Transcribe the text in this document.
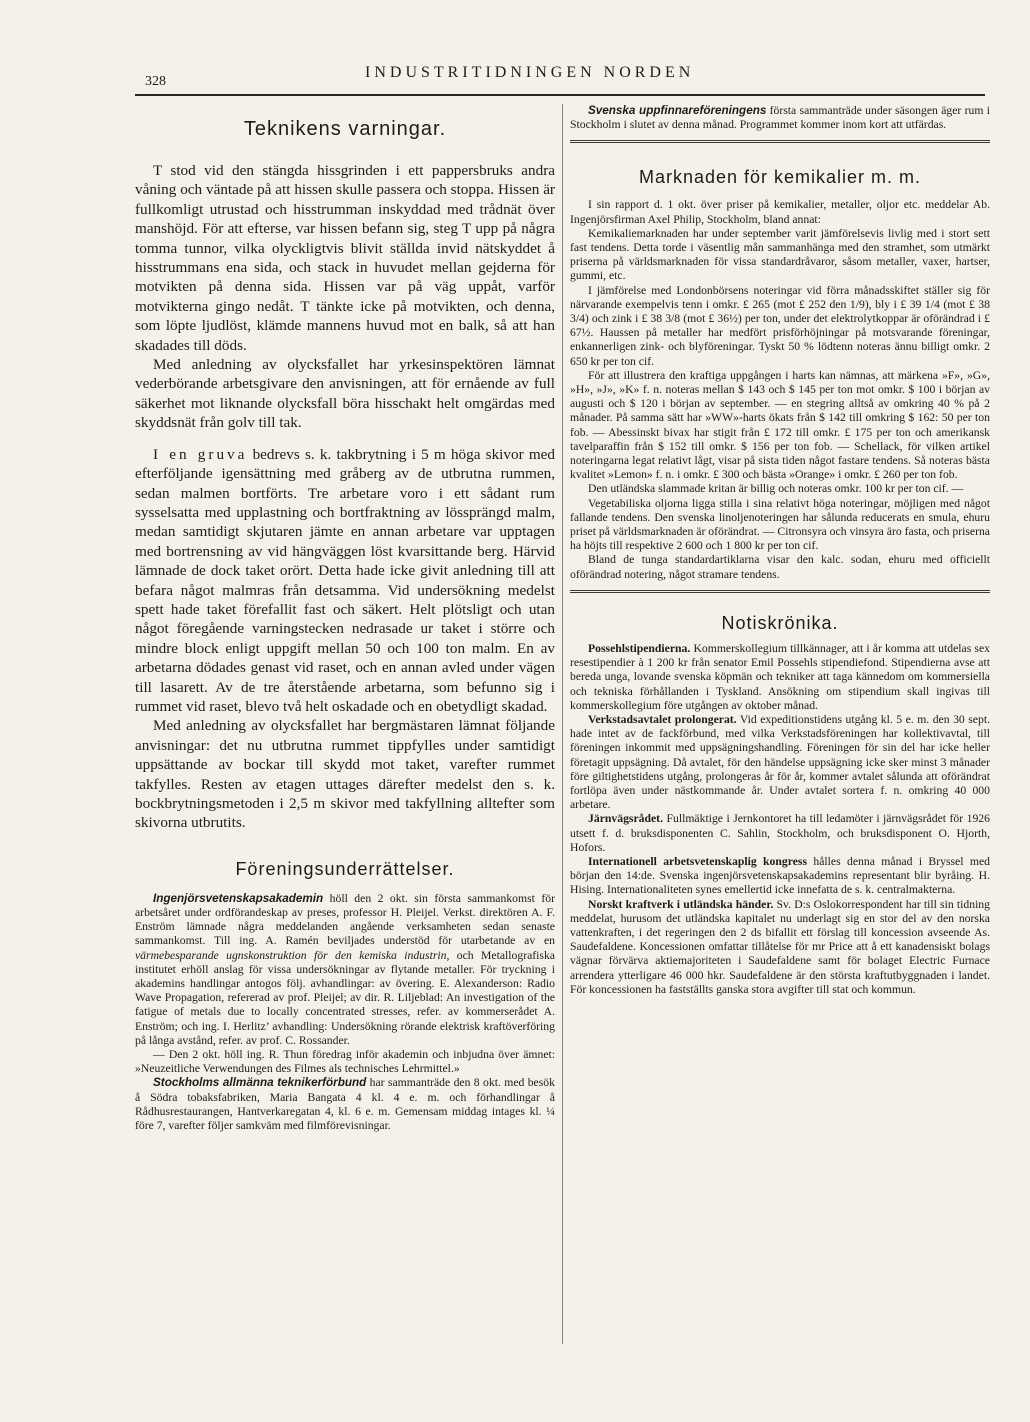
328
INDUSTRITIDNINGEN NORDEN
Teknikens varningar.

T stod vid den stängda hissgrinden i ett pappersbruks andra våning och väntade på att hissen skulle passera och stoppa. Hissen är fullkomligt utrustad och hisstrumman inskyddad med trådnät över manshöjd. För att efterse, var hissen befann sig, steg T upp på några tomma tunnor, vilka olyckligtvis blivit ställda invid nätskyddet å hisstrummans ena sida, och stack in huvudet mellan gejderna för motvikten på denna sida. Hissen var på väg uppåt, varför motvikterna gingo nedåt. T tänkte icke på motvikten, och denna, som löpte ljudlöst, klämde mannens huvud mot en balk, så att han skadades till döds.

Med anledning av olycksfallet har yrkesinspektören lämnat vederbörande arbetsgivare den anvisningen, att för ernående av full säkerhet mot liknande olycksfall böra hisschakt helt omgärdas med skyddsnät från golv till tak.

I en gruva bedrevs s. k. takbrytning i 5 m höga skivor med efterföljande igensättning med gråberg av de utbrutna rummen, sedan malmen bortförts. Tre arbetare voro i ett sådant rum sysselsatta med upplastning och bortfraktning av lössprängd malm, medan samtidigt skjutaren jämte en annan arbetare var upptagen med bortrensning av vid hängväggen löst kvarsittande berg. Härvid lämnade de dock taket orört. Detta hade icke givit anledning till att befara något malmras från detsamma. Vid undersökning medelst spett hade taket förefallit fast och säkert. Helt plötsligt och utan något föregående varningstecken nedrasade ur taket i större och mindre block enligt uppgift mellan 50 och 100 ton malm. En av arbetarna dödades genast vid raset, och en annan avled under vägen till lasarett. Av de tre återstående arbetarna, som befunno sig i rummet vid raset, blevo två helt oskadade och en obetydligt skadad.

Med anledning av olycksfallet har bergmästaren lämnat följande anvisningar: det nu utbrutna rummet tippfylles under samtidigt uppsättande av bockar till skydd mot taket, varefter rummet takfylles. Resten av etagen uttages därefter medelst den s. k. bockbrytningsmetoden i 2,5 m skivor med takfyllning alltefter som skivorna utbrutits.

Föreningsunderrättelser.

Ingenjörsvetenskapsakademin höll den 2 okt. sin första sammankomst för arbetsåret under ordförandeskap av preses, professor H. Pleijel. Verkst. direktören A. F. Enström lämnade några meddelanden angående verksamheten sedan senaste sammankomst. Till ing. A. Ramén beviljades understöd för utarbetande av en värmebesparande ugnskonstruktion för den kemiska industrin, och Metallografiska institutet erhöll anslag för vissa undersökningar av flytande metaller. För tryckning i akademins handlingar antogos följ. avhandlingar: av övering. E. Alexanderson: Radio Wave Propagation, refererad av prof. Pleijel; av dir. R. Liljeblad: An investigation of the fatigue of metals due to locally concentrated stresses, refer. av kommerserådet A. Enström; och ing. I. Herlitz’ avhandling: Undersökning rörande elektrisk kraftöverföring på långa avstånd, refer. av prof. C. Rossander.

— Den 2 okt. höll ing. R. Thun föredrag inför akademin och inbjudna över ämnet: »Neuzeitliche Verwendungen des Filmes als technisches Lehrmittel.»

Stockholms allmänna teknikerförbund har sammanträde den 8 okt. med besök å Södra tobaksfabriken, Maria Bangata 4 kl. 4 e. m. och förhandlingar å Rådhusrestaurangen, Hantverkaregatan 4, kl. 6 e. m. Gemensam middag intages kl. ¼ före 7, varefter följer samkväm med filmförevisningar.

Svenska uppfinnareföreningens första sammanträde under säsongen äger rum i Stockholm i slutet av denna månad. Programmet kommer inom kort att utfärdas.

Marknaden för kemikalier m. m.

I sin rapport d. 1 okt. över priser på kemikalier, metaller, oljor etc. meddelar Ab. Ingenjörsfirman Axel Philip, Stockholm, bland annat:

Kemikaliemarknaden har under september varit jämförelsevis livlig med i stort sett fast tendens. Detta torde i väsentlig mån sammanhänga med den stramhet, som utmärkt priserna på världsmarknaden för vissa standardråvaror, såsom metaller, vaxer, hartser, gummi, etc.

I jämförelse med Londonbörsens noteringar vid förra månadsskiftet ställer sig för närvarande exempelvis tenn i omkr. £ 265 (mot £ 252 den 1/9), bly i £ 39 1/4 (mot £ 38 3/4) och zink i £ 38 3/8 (mot £ 36½) per ton, under det elektrolytkoppar är oförändrad i £ 67½. Haussen på metaller har medfört prisförhöjningar på motsvarande föreningar, enkannerligen zink- och blyföreningar. Tyskt 50 % lödtenn noteras ännu billigt omkr. 2 650 kr per ton cif.

För att illustrera den kraftiga uppgången i harts kan nämnas, att märkena »F», »G», »H», »J», »K» f. n. noteras mellan $ 143 och $ 145 per ton mot omkr. $ 100 i början av augusti och $ 120 i början av september. — en stegring alltså av omkring 40 % på 2 månader. På samma sätt har »WW»-harts ökats från $ 142 till omkring $ 162: 50 per ton fob. — Abessinskt bivax har stigit från £ 172 till omkr. £ 175 per ton och amerikansk tavelparaffin från $ 152 till omkr. $ 156 per ton fob. — Schellack, för vilken artikel noteringarna legat relativt lågt, visar på sista tiden något fastare tendens. Så noteras bästa kvalitet »Lemon» f. n. i omkr. £ 300 och bästa »Orange» i omkr. £ 260 per ton fob.

Den utländska slammade kritan är billig och noteras omkr. 100 kr per ton cif. —

Vegetabiliska oljorna ligga stilla i sina relativt höga noteringar, möjligen med något fallande tendens. Den svenska linoljenoteringen har sålunda reducerats en smula, ehuru priset på världsmarknaden är oförändrat. — Citronsyra och vinsyra äro fasta, och priserna ha höjts till respektive 2 600 och 1 800 kr per ton cif.

Bland de tunga standardartiklarna visar den kalc. sodan, ehuru med officiellt oförändrad notering, något stramare tendens.

Notiskrönika.

Possehlstipendierna. Kommerskollegium tillkännager, att i år komma att utdelas sex resestipendier à 1 200 kr från senator Emil Possehls stipendiefond. Stipendierna avse att bereda unga, lovande svenska köpmän och tekniker att taga kännedom om kommersiella och tekniska förhållanden i Tyskland. Ansökning om stipendium skall ingivas till kommerskollegium före utgången av oktober månad.

Verkstadsavtalet prolongerat. Vid expeditionstidens utgång kl. 5 e. m. den 30 sept. hade intet av de fackförbund, med vilka Verkstadsföreningen har kollektivavtal, till föreningen inkommit med uppsägningshandling. Föreningen för sin del har icke heller företagit uppsägning. Då avtalet, för den händelse uppsägning icke sker minst 3 månader före giltighetstidens utgång, prolongeras år för år, kommer avtalet sålunda att oförändrat fortlöpa även under nästkommande år. Under avtalet sortera f. n. omkring 40 000 arbetare.

Järnvägsrådet. Fullmäktige i Jernkontoret ha till ledamöter i järnvägsrådet för 1926 utsett f. d. bruksdisponenten C. Sahlin, Stockholm, och bruksdisponent O. Hjorth, Hofors.

Internationell arbetsvetenskaplig kongress hålles denna månad i Bryssel med början den 14:de. Svenska ingenjörsvetenskapsakademins representant blir byråing. H. Hising. Internationaliteten synes emellertid icke innefatta de s. k. centralmakterna.

Norskt kraftverk i utländska händer. Sv. D:s Oslokorrespondent har till sin tidning meddelat, hurusom det utländska kapitalet nu underlagt sig en stor del av den norska vattenkraften, i det regeringen den 2 ds bifallit ett förslag till koncession avseende As. Saudefaldene. Koncessionen omfattar tillåtelse för mr Price att å ett kanadensiskt bolags vägnar förvärva aktiemajoriteten i Saudefaldene samt för bolaget Electric Furnace arrendera ytterligare 46 000 hkr. Saudefaldene är den största kraftutbyggnaden i landet. För koncessionen ha fastställts ganska stora avgifter till stat och kommun.
